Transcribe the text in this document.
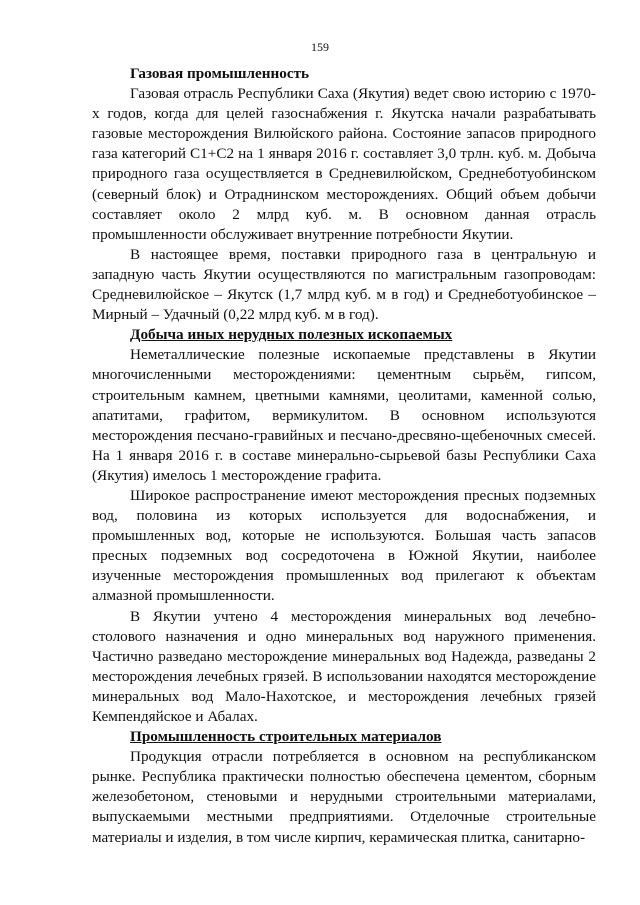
159
Газовая промышленность

Газовая отрасль Республики Саха (Якутия) ведет свою историю с 1970-х годов, когда для целей газоснабжения г. Якутска начали разрабатывать газовые месторождения Вилюйского района. Состояние запасов природного газа категорий С1+С2 на 1 января 2016 г. составляет 3,0 трлн. куб. м. Добыча природного газа осуществляется в Средневилюйском, Среднеботуобинском (северный блок) и Отраднинском месторождениях. Общий объем добычи составляет около 2 млрд куб. м. В основном данная отрасль промышленности обслуживает внутренние потребности Якутии.

В настоящее время, поставки природного газа в центральную и западную часть Якутии осуществляются по магистральным газопроводам: Средневилюйское – Якутск (1,7 млрд куб. м в год) и Среднеботуобинское – Мирный – Удачный (0,22 млрд куб. м в год).

Добыча иных нерудных полезных ископаемых

Неметаллические полезные ископаемые представлены в Якутии многочисленными месторождениями: цементным сырьём, гипсом, строительным камнем, цветными камнями, цеолитами, каменной солью, апатитами, графитом, вермикулитом. В основном используются месторождения песчано-гравийных и песчано-дресвяно-щебеночных смесей. На 1 января 2016 г. в составе минерально-сырьевой базы Республики Саха (Якутия) имелось 1 месторождение графита.

Широкое распространение имеют месторождения пресных подземных вод, половина из которых используется для водоснабжения, и промышленных вод, которые не используются. Большая часть запасов пресных подземных вод сосредоточена в Южной Якутии, наиболее изученные месторождения промышленных вод прилегают к объектам алмазной промышленности.

В Якутии учтено 4 месторождения минеральных вод лечебно-столового назначения и одно минеральных вод наружного применения. Частично разведано месторождение минеральных вод Надежда, разведаны 2 месторождения лечебных грязей. В использовании находятся месторождение минеральных вод Мало-Нахотское, и месторождения лечебных грязей Кемпендяйское и Абалах.

Промышленность строительных материалов

Продукция отрасли потребляется в основном на республиканском рынке. Республика практически полностью обеспечена цементом, сборным железобетоном, стеновыми и нерудными строительными материалами, выпускаемыми местными предприятиями. Отделочные строительные материалы и изделия, в том числе кирпич, керамическая плитка, санитарно-
